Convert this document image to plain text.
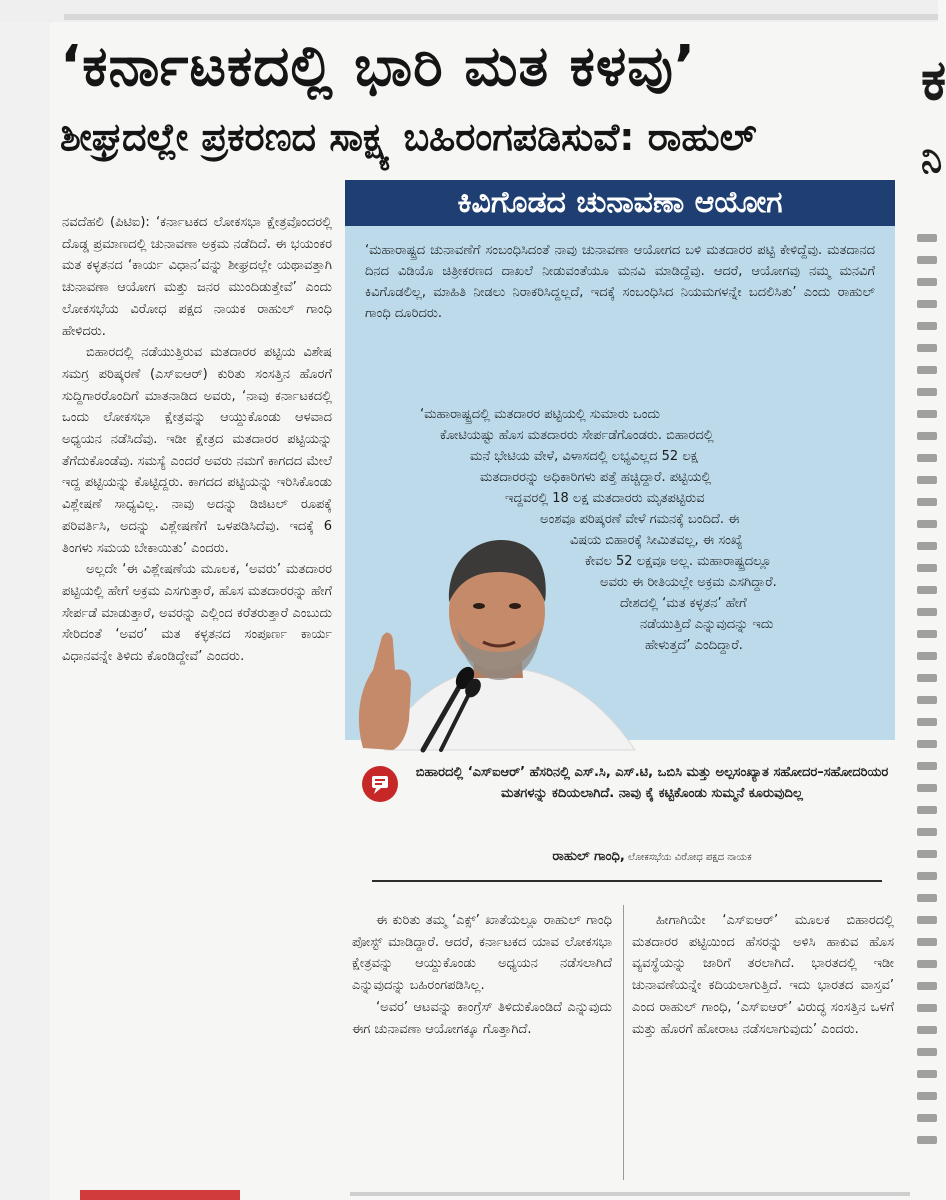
‘ಕರ್ನಾಟಕದಲ್ಲಿ ಭಾರಿ ಮತ ಕಳವು’
ಶೀಘ್ರದಲ್ಲೇ ಪ್ರಕರಣದ ಸಾಕ್ಷ್ಯ ಬಹಿರಂಗಪಡಿಸುವೆ: ರಾಹುಲ್
ಕ
ನಿ

ನವದೆಹಲಿ (ಪಿಟಿಐ): ‘ಕರ್ನಾಟಕದ ಲೋಕಸಭಾ ಕ್ಷೇತ್ರವೊಂದರಲ್ಲಿ ದೊಡ್ಡ ಪ್ರಮಾಣದಲ್ಲಿ ಚುನಾವಣಾ ಅಕ್ರಮ ನಡೆದಿದೆ. ಈ ಭಯಂಕರ ಮತ ಕಳ್ಳತನದ ‘ಕಾರ್ಯ ವಿಧಾನ’ವನ್ನು ಶೀಘ್ರದಲ್ಲೇ ಯಥಾವತ್ತಾಗಿ ಚುನಾವಣಾ ಆಯೋಗ ಮತ್ತು ಜನರ ಮುಂದಿಡುತ್ತೇವೆ’ ಎಂದು ಲೋಕಸಭೆಯ ವಿರೋಧ ಪಕ್ಷದ ನಾಯಕ ರಾಹುಲ್ ಗಾಂಧಿ ಹೇಳಿದರು.

ಬಿಹಾರದಲ್ಲಿ ನಡೆಯುತ್ತಿರುವ ಮತದಾರರ ಪಟ್ಟಿಯ ವಿಶೇಷ ಸಮಗ್ರ ಪರಿಷ್ಕರಣೆ (ಎಸ್‌ಐಆರ್) ಕುರಿತು ಸಂಸತ್ತಿನ ಹೊರಗೆ ಸುದ್ದಿಗಾರರೊಂದಿಗೆ ಮಾತನಾಡಿದ ಅವರು, ‘ನಾವು ಕರ್ನಾಟಕದಲ್ಲಿ ಒಂದು ಲೋಕಸಭಾ ಕ್ಷೇತ್ರವನ್ನು ಆಯ್ದುಕೊಂಡು ಆಳವಾದ ಅಧ್ಯಯನ ನಡೆಸಿದೆವು. ಇಡೀ ಕ್ಷೇತ್ರದ ಮತದಾರರ ಪಟ್ಟಿಯನ್ನು ತೆಗೆದುಕೊಂಡೆವು. ಸಮಸ್ಯೆ ಎಂದರೆ ಅವರು ನಮಗೆ ಕಾಗದದ ಮೇಲೆ ಇದ್ದ ಪಟ್ಟಿಯನ್ನು ಕೊಟ್ಟಿದ್ದರು. ಕಾಗದದ ಪಟ್ಟಿಯನ್ನು ಇರಿಸಿಕೊಂಡು ವಿಶ್ಲೇಷಣೆ ಸಾಧ್ಯವಿಲ್ಲ. ನಾವು ಅದನ್ನು ಡಿಜಿಟಲ್ ರೂಪಕ್ಕೆ ಪರಿವರ್ತಿಸಿ, ಅದನ್ನು ವಿಶ್ಲೇಷಣೆಗೆ ಒಳಪಡಿಸಿದೆವು. ಇದಕ್ಕೆ 6 ತಿಂಗಳು ಸಮಯ ಬೇಕಾಯಿತು’ ಎಂದರು.

ಅಲ್ಲದೇ ‘ಈ ವಿಶ್ಲೇಷಣೆಯ ಮೂಲಕ, ‘ಅವರು’ ಮತದಾರರ ಪಟ್ಟಿಯಲ್ಲಿ ಹೇಗೆ ಅಕ್ರಮ ಎಸಗುತ್ತಾರೆ, ಹೊಸ ಮತದಾರರನ್ನು ಹೇಗೆ ಸೇರ್ಪಡೆ ಮಾಡುತ್ತಾರೆ, ಅವರನ್ನು ಎಲ್ಲಿಂದ ಕರೆತರುತ್ತಾರೆ ಎಂಬುದು ಸೇರಿದಂತೆ ‘ಅವರ’ ಮತ ಕಳ್ಳತನದ ಸಂಪೂರ್ಣ ಕಾರ್ಯ ವಿಧಾನವನ್ನೇ ತಿಳಿದು ಕೊಂಡಿದ್ದೇವೆ’ ಎಂದರು.

ಕಿವಿಗೊಡದ ಚುನಾವಣಾ ಆಯೋಗ
‘ಮಹಾರಾಷ್ಟ್ರದ ಚುನಾವಣೆಗೆ ಸಂಬಂಧಿಸಿದಂತೆ ನಾವು ಚುನಾವಣಾ ಆಯೋಗದ ಬಳಿ ಮತದಾರರ ಪಟ್ಟಿ ಕೇಳಿದ್ದೆವು. ಮತದಾನದ ದಿನದ ವಿಡಿಯೊ ಚಿತ್ರೀಕರಣದ ದಾಖಲೆ ನೀಡುವಂತೆಯೂ ಮನವಿ ಮಾಡಿದ್ದೆವು. ಆದರೆ, ಆಯೋಗವು ನಮ್ಮ ಮನವಿಗೆ ಕಿವಿಗೊಡಲಿಲ್ಲ, ಮಾಹಿತಿ ನೀಡಲು ನಿರಾಕರಿಸಿದ್ದಲ್ಲದೆ, ಇದಕ್ಕೆ ಸಂಬಂಧಿಸಿದ ನಿಯಮಗಳನ್ನೇ ಬದಲಿಸಿತು’ ಎಂದು ರಾಹುಲ್ ಗಾಂಧಿ ದೂರಿದರು.
‘ಮಹಾರಾಷ್ಟ್ರದಲ್ಲಿ ಮತದಾರರ ಪಟ್ಟಿಯಲ್ಲಿ ಸುಮಾರು ಒಂದು
ಕೋಟಿಯಷ್ಟು ಹೊಸ ಮತದಾರರು ಸೇರ್ಪಡೆಗೊಂಡರು. ಬಿಹಾರದಲ್ಲಿ
ಮನೆ ಭೇಟಿಯ ವೇಳೆ, ವಿಳಾಸದಲ್ಲಿ ಲಭ್ಯವಿಲ್ಲದ 52 ಲಕ್ಷ
ಮತದಾರರನ್ನು ಅಧಿಕಾರಿಗಳು ಪತ್ತೆ ಹಚ್ಚಿದ್ದಾರೆ. ಪಟ್ಟಿಯಲ್ಲಿ
ಇದ್ದವರಲ್ಲಿ 18 ಲಕ್ಷ ಮತದಾರರು ಮೃತಪಟ್ಟಿರುವ
ಅಂಶವೂ ಪರಿಷ್ಕರಣೆ ವೇಳೆ ಗಮನಕ್ಕೆ ಬಂದಿದೆ. ಈ
ವಿಷಯ ಬಿಹಾರಕ್ಕೆ ಸೀಮಿತವಲ್ಲ, ಈ ಸಂಖ್ಯೆ
ಕೇವಲ 52 ಲಕ್ಷವೂ ಅಲ್ಲ. ಮಹಾರಾಷ್ಟ್ರದಲ್ಲೂ
ಅವರು ಈ ರೀತಿಯಲ್ಲೇ ಅಕ್ರಮ ಎಸಗಿದ್ದಾರೆ.
ದೇಶದಲ್ಲಿ ‘ಮತ ಕಳ್ಳತನ’ ಹೇಗೆ
ನಡೆಯುತ್ತಿದೆ ಎನ್ನುವುದನ್ನು ಇದು
ಹೇಳುತ್ತದೆ’ ಎಂದಿದ್ದಾರೆ.
ಬಿಹಾರದಲ್ಲಿ ‘ಎಸ್‌ಐಆರ್’ ಹೆಸರಿನಲ್ಲಿ ಎಸ್‌.ಸಿ, ಎಸ್‌.ಟಿ, ಒಬಿಸಿ ಮತ್ತು ಅಲ್ಪಸಂಖ್ಯಾತ ಸಹೋದರ–ಸಹೋದರಿಯರ ಮತಗಳನ್ನು ಕದಿಯಲಾಗಿದೆ. ನಾವು ಕೈ ಕಟ್ಟಿಕೊಂಡು ಸುಮ್ಮನೆ ಕೂರುವುದಿಲ್ಲ
ರಾಹುಲ್ ಗಾಂಧಿ, ಲೋಕಸಭೆಯ ವಿರೋಧ ಪಕ್ಷದ ನಾಯಕ

ಈ ಕುರಿತು ತಮ್ಮ ‘ಎಕ್ಸ್’ ಖಾತೆಯಲ್ಲೂ ರಾಹುಲ್ ಗಾಂಧಿ ಪೋಸ್ಟ್ ಮಾಡಿದ್ದಾರೆ. ಆದರೆ, ಕರ್ನಾಟಕದ ಯಾವ ಲೋಕಸಭಾ ಕ್ಷೇತ್ರವನ್ನು ಆಯ್ದುಕೊಂಡು ಅಧ್ಯಯನ ನಡೆಸಲಾಗಿದೆ ಎನ್ನುವುದನ್ನು ಬಹಿರಂಗಪಡಿಸಿಲ್ಲ.

‘ಅವರ’ ಆಟವನ್ನು ಕಾಂಗ್ರೆಸ್ ತಿಳಿದುಕೊಂಡಿದೆ ಎನ್ನುವುದು ಈಗ ಚುನಾವಣಾ ಆಯೋಗಕ್ಕೂ ಗೊತ್ತಾಗಿದೆ.

ಹೀಗಾಗಿಯೇ ‘ಎಸ್‌ಐಆರ್’ ಮೂಲಕ ಬಿಹಾರದಲ್ಲಿ ಮತದಾರರ ಪಟ್ಟಿಯಿಂದ ಹೆಸರನ್ನು ಅಳಿಸಿ ಹಾಕುವ ಹೊಸ ವ್ಯವಸ್ಥೆಯನ್ನು ಜಾರಿಗೆ ತರಲಾಗಿದೆ. ಭಾರತದಲ್ಲಿ ಇಡೀ ಚುನಾವಣೆಯನ್ನೇ ಕದಿಯಲಾಗುತ್ತಿದೆ. ಇದು ಭಾರತದ ವಾಸ್ತವ’ ಎಂದ ರಾಹುಲ್ ಗಾಂಧಿ, ‘ಎಸ್‌ಐಆರ್’ ವಿರುದ್ಧ ಸಂಸತ್ತಿನ ಒಳಗೆ ಮತ್ತು ಹೊರಗೆ ಹೋರಾಟ ನಡೆಸಲಾಗುವುದು’ ಎಂದರು.
